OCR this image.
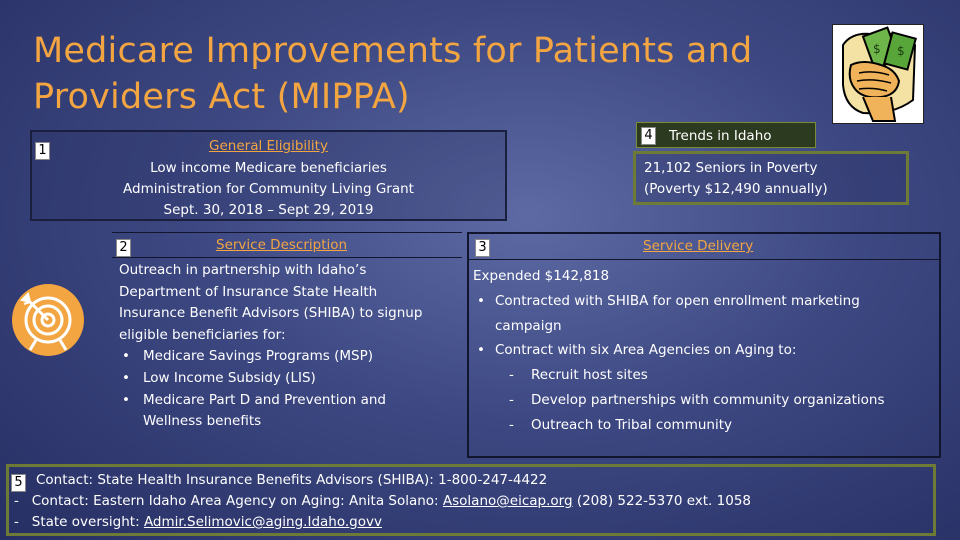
Medicare Improvements for Patients and
Providers Act (MIPPA)
$ $
1	General Eligibility
Low income Medicare beneficiaries
Administration for Community Living Grant
Sept. 30, 2018 – Sept 29, 2019
4 Trends in Idaho
21,102 Seniors in Poverty
(Poverty $12,490 annually)
2	Service Description
Outreach in partnership with Idaho’s
Department of Insurance State Health
Insurance Benefit Advisors (SHIBA) to signup
eligible beneficiaries for:
• Medicare Savings Programs (MSP)
• Low Income Subsidy (LIS)
• Medicare Part D and Prevention and
Wellness benefits
3	Service Delivery
Expended $142,818
• Contracted with SHIBA for open enrollment marketing
campaign
• Contract with six Area Agencies on Aging to:
- Recruit host sites
- Develop partnerships with community organizations
- Outreach to Tribal community
5 Contact: State Health Insurance Benefits Advisors (SHIBA): 1-800-247-4422
-   Contact: Eastern Idaho Area Agency on Aging: Anita Solano: Asolano@eicap.org (208) 522-5370 ext. 1058
-   State oversight: Admir.Selimovic@aging.Idaho.govv
